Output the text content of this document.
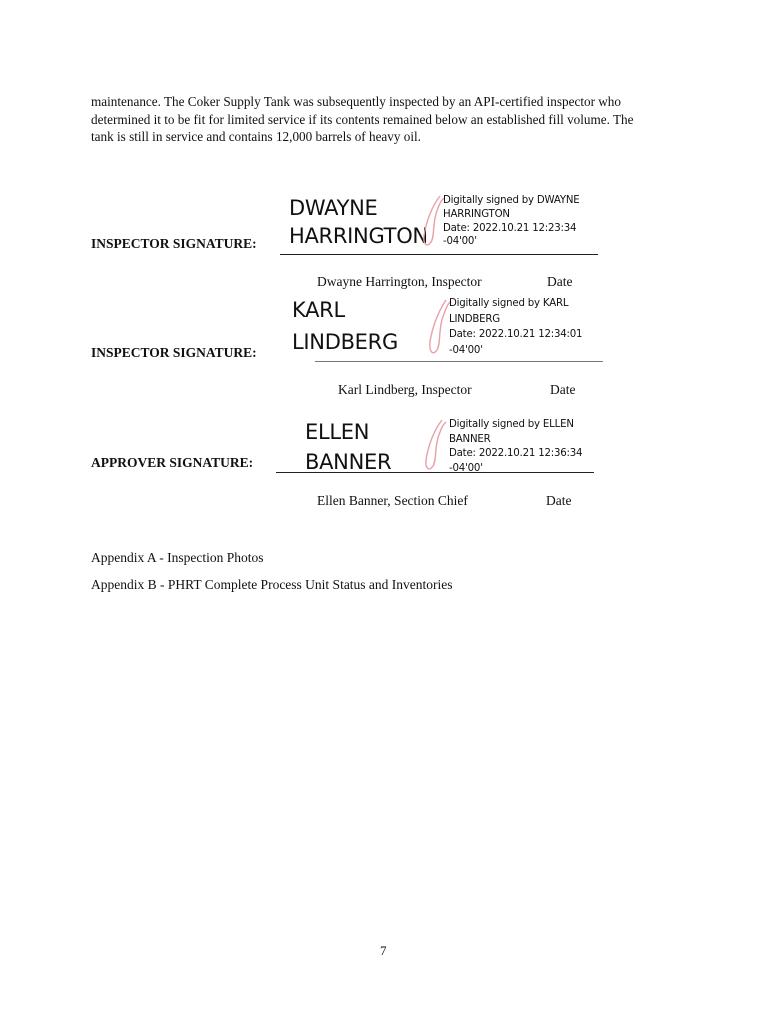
maintenance. The Coker Supply Tank was subsequently inspected by an API-certified inspector who
determined it to be fit for limited service if its contents remained below an established fill volume. The
tank is still in service and contains 12,000 barrels of heavy oil.
INSPECTOR SIGNATURE:
DWAYNE
HARRINGTON
Digitally signed by DWAYNE
HARRINGTON
Date: 2022.10.21 12:23:34
-04'00'
Dwayne Harrington, Inspector	Date
INSPECTOR SIGNATURE:
KARL
LINDBERG
Digitally signed by KARL
LINDBERG
Date: 2022.10.21 12:34:01
-04'00'
Karl Lindberg, Inspector	Date
APPROVER SIGNATURE:
ELLEN
BANNER
Digitally signed by ELLEN
BANNER
Date: 2022.10.21 12:36:34
-04'00'
Ellen Banner, Section Chief	Date
Appendix A - Inspection Photos
Appendix B - PHRT Complete Process Unit Status and Inventories
7
